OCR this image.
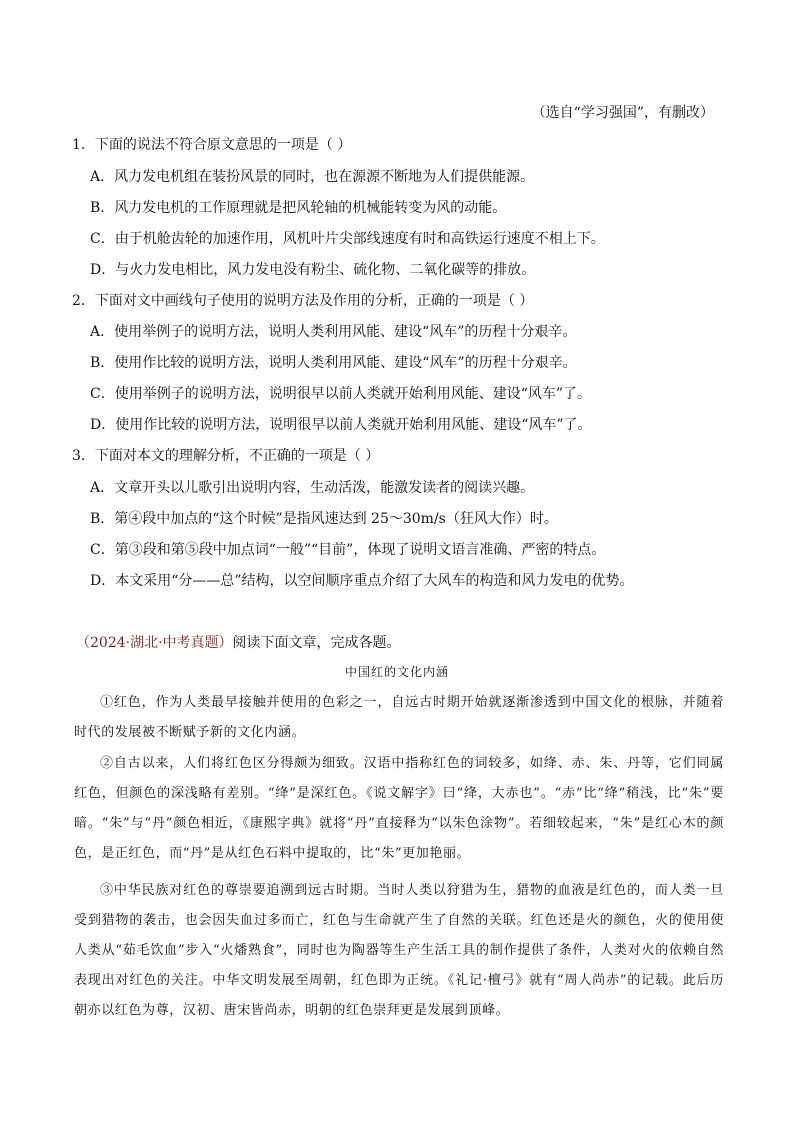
（选自“学习强国”，有删改）
1．下面的说法不符合原文意思的一项是（ ）
A．风力发电机组在装扮风景的同时，也在源源不断地为人们提供能源。
B．风力发电机的工作原理就是把风轮轴的机械能转变为风的动能。
C．由于机舱齿轮的加速作用，风机叶片尖部线速度有时和高铁运行速度不相上下。
D．与火力发电相比，风力发电没有粉尘、硫化物、二氧化碳等的排放。
2．下面对文中画线句子使用的说明方法及作用的分析，正确的一项是（ ）
A．使用举例子的说明方法，说明人类利用风能、建设“风车”的历程十分艰辛。
B．使用作比较的说明方法，说明人类利用风能、建设“风车”的历程十分艰辛。
C．使用举例子的说明方法，说明很早以前人类就开始利用风能、建设“风车”了。
D．使用作比较的说明方法，说明很早以前人类就开始利用风能、建设“风车”了。
3．下面对本文的理解分析，不正确的一项是（ ）
A．文章开头以儿歌引出说明内容，生动活泼，能激发读者的阅读兴趣。
B．第④段中加点的“这个时候”是指风速达到 25～30m/s（狂风大作）时。
C．第③段和第⑤段中加点词“一般”“目前”，体现了说明文语言准确、严密的特点。
D．本文采用“分——总”结构，以空间顺序重点介绍了大风车的构造和风力发电的优势。
（2024·湖北·中考真题）阅读下面文章，完成各题。
中国红的文化内涵
①红色，作为人类最早接触并使用的色彩之一，自远古时期开始就逐渐渗透到中国文化的根脉，并随着时代的发展被不断赋予新的文化内涵。
②自古以来，人们将红色区分得颇为细致。汉语中指称红色的词较多，如绛、赤、朱、丹等，它们同属红色，但颜色的深浅略有差别。“绛”是深红色。《说文解字》曰“绛，大赤也”。“赤”比“绛”稍浅，比“朱”要暗。“朱”与“丹”颜色相近，《康熙字典》就将“丹”直接释为“以朱色涂物”。若细较起来，“朱”是红心木的颜色，是正红色，而“丹”是从红色石料中提取的，比“朱”更加艳丽。
③中华民族对红色的尊崇要追溯到远古时期。当时人类以狩猎为生，猎物的血液是红色的，而人类一旦受到猎物的袭击，也会因失血过多而亡，红色与生命就产生了自然的关联。红色还是火的颜色，火的使用使人类从“茹毛饮血”步入“火燔熟食”，同时也为陶器等生产生活工具的制作提供了条件，人类对火的依赖自然表现出对红色的关注。中华文明发展至周朝，红色即为正统。《礼记·檀弓》就有“周人尚赤”的记载。此后历朝亦以红色为尊，汉初、唐宋皆尚赤，明朝的红色崇拜更是发展到顶峰。
